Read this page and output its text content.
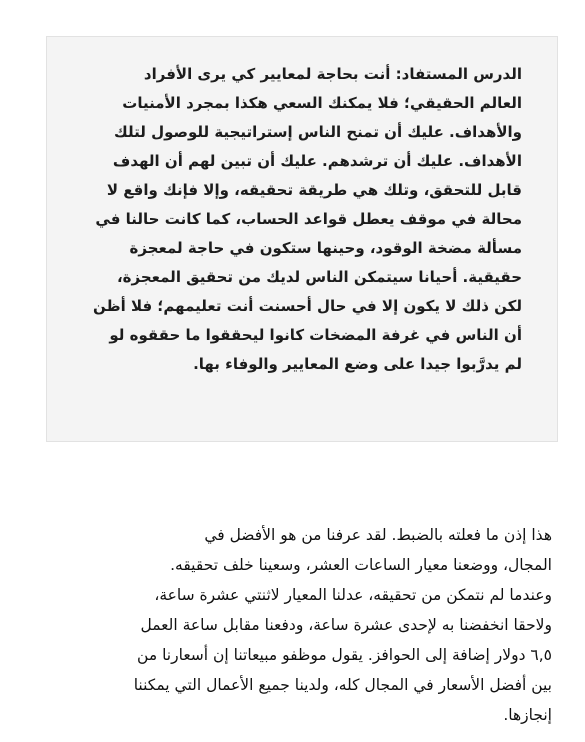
الدرس المستفاد: أنت بحاجة لمعايير كي يرى الأفراد
العالم الحقيقي؛ فلا يمكنك السعي هكذا بمجرد الأمنيات
والأهداف. عليك أن تمنح الناس إستراتيجية للوصول لتلك
الأهداف. عليك أن ترشدهم. عليك أن تبين لهم أن الهدف
قابل للتحقق، وتلك هي طريقة تحقيقه، وإلا فإنك واقع لا
محالة في موقف يعطل قواعد الحساب، كما كانت حالنا في
مسألة مضخة الوقود، وحينها ستكون في حاجة لمعجزة
حقيقية. أحيانا سيتمكن الناس لديك من تحقيق المعجزة،
لكن ذلك لا يكون إلا في حال أحسنت أنت تعليمهم؛ فلا أظن
أن الناس في غرفة المضخات كانوا ليحققوا ما حققوه لو
لم يدرَّبوا جيدا على وضع المعايير والوفاء بها.

هذا إذن ما فعلته بالضبط. لقد عرفنا من هو الأفضل في
المجال، ووضعنا معيار الساعات العشر، وسعينا خلف تحقيقه.
وعندما لم نتمكن من تحقيقه، عدلنا المعيار لاثنتي عشرة ساعة،
ولاحقا انخفضنا به لإحدى عشرة ساعة، ودفعنا مقابل ساعة العمل
٦,٥ دولار إضافة إلى الحوافز. يقول موظفو مبيعاتنا إن أسعارنا من
بين أفضل الأسعار في المجال كله، ولدينا جميع الأعمال التي يمكننا
إنجازها.
